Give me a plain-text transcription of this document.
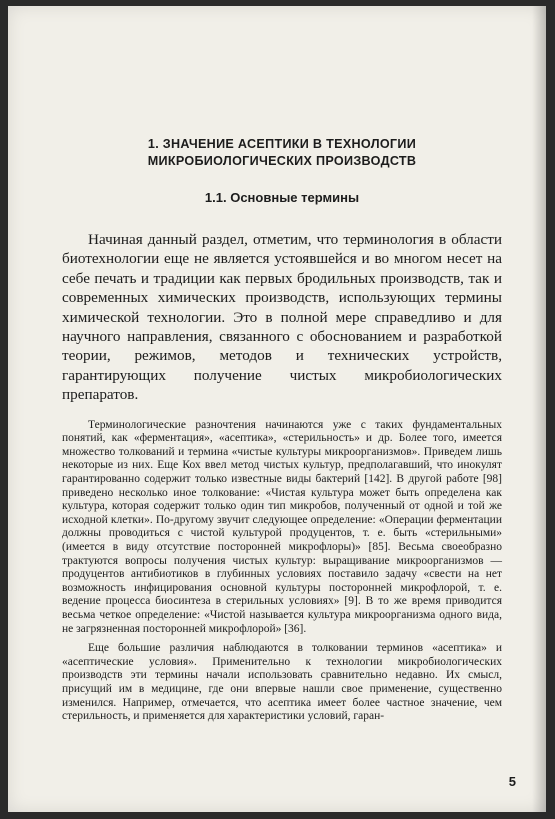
1. ЗНАЧЕНИЕ АСЕПТИКИ В ТЕХНОЛОГИИ
МИКРОБИОЛОГИЧЕСКИХ ПРОИЗВОДСТВ
1.1. Основные термины

Начиная данный раздел, отметим, что терминология в области биотехнологии еще не является устоявшейся и во многом несет на себе печать и традиции как первых бродильных производств, так и современных химических производств, использующих термины химической технологии. Это в полной мере справедливо и для научного направления, связанного с обоснованием и разработкой теории, режимов, методов и технических устройств, гарантирующих получение чистых микробиологических препаратов.

Терминологические разночтения начинаются уже с таких фундаментальных понятий, как «ферментация», «асептика», «стерильность» и др. Более того, имеется множество толкований и термина «чистые культуры микроорганизмов». Приведем лишь некоторые из них. Еще Кох ввел метод чистых культур, предполагавший, что инокулят гарантированно содержит только известные виды бактерий [142]. В другой работе [98] приведено несколько иное толкование: «Чистая культура может быть определена как культура, которая содержит только один тип микробов, полученный от одной и той же исходной клетки». По-другому звучит следующее определение: «Операции ферментации должны проводиться с чистой культурой продуцентов, т. е. быть «стерильными» (имеется в виду отсутствие посторонней микрофлоры)» [85]. Весьма своеобразно трактуются вопросы получения чистых культур: выращивание микроорганизмов — продуцентов антибиотиков в глубинных условиях поставило задачу «свести на нет возможность инфицирования основной культуры посторонней микрофлорой, т. е. ведение процесса биосинтеза в стерильных условиях» [9]. В то же время приводится весьма четкое определение: «Чистой называется культура микроорганизма одного вида, не загрязненная посторонней микрофлорой» [36].

Еще большие различия наблюдаются в толковании терминов «асептика» и «асептические условия». Применительно к технологии микробиологических производств эти термины начали использовать сравнительно недавно. Их смысл, присущий им в медицине, где они впервые нашли свое применение, существенно изменился. Например, отмечается, что асептика имеет более частное значение, чем стерильность, и применяется для характеристики условий, гаран-

5
